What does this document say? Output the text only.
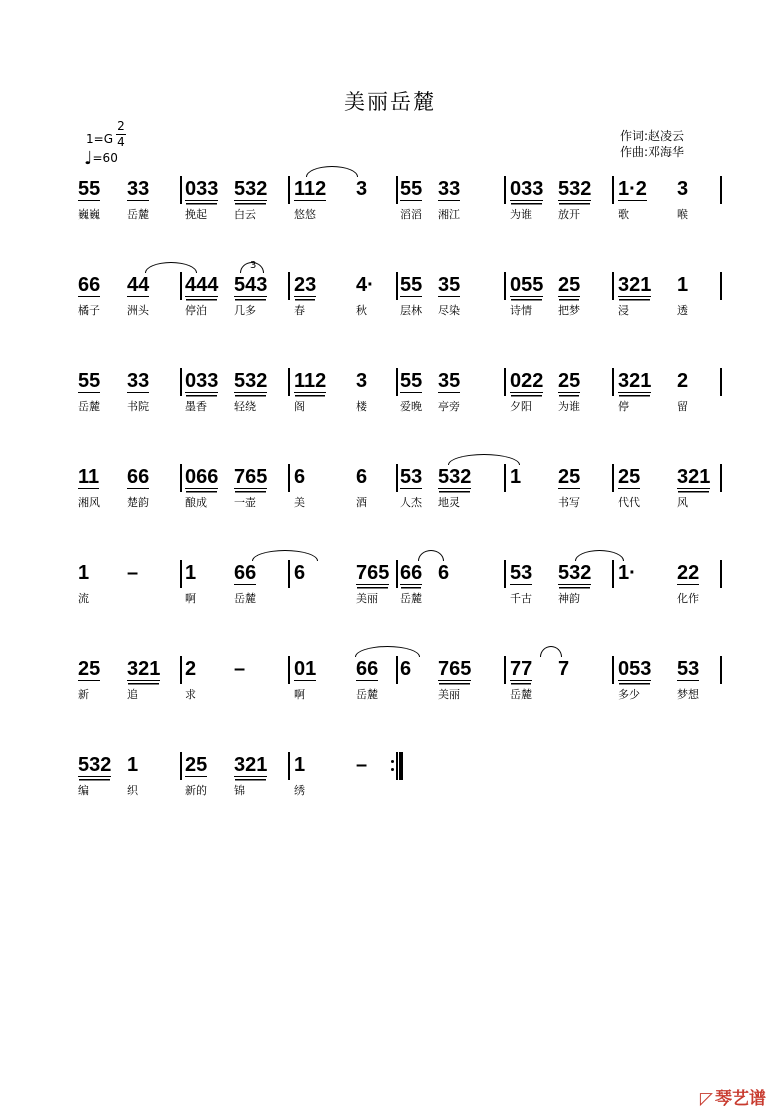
美丽岳麓
1=G
2
4
♩=60
作词:赵凌云
作曲:邓海华
55
巍巍
33
岳麓
033
挽起
532
白云
112
悠悠
3 55
滔滔
33
湘江
033
为谁
532
放开
1·2
歌
3
喉
66
橘子
44
洲头
444
停泊
543
几多
23
春
4·
秋
55
层林
35
尽染
055
诗情
25
把梦
321
浸
1
透
3
55
岳麓
33
书院
033
墨香
532
轻绕
112
阁
3
楼
55
爱晚
35
亭旁
022
夕阳
25
为谁
321
停
2
留
11
湘风
66
楚韵
066
酿成
765
一壶
6
美
6
酒
53
人杰
532
地灵
1 25
书写
25
代代
321
风
1
流
– 1
啊
66
岳麓
6	765
美丽
66
岳麓
6	53
千古
532
神韵
1· 22
化作
25
新
321
追
2
求
– 01
啊
66
岳麓
6 765
美丽
77
岳麓
7 053
多少
53
梦想
532
编
1
织
25
新的
321
锦
1
绣
–
◸ 琴艺谱
